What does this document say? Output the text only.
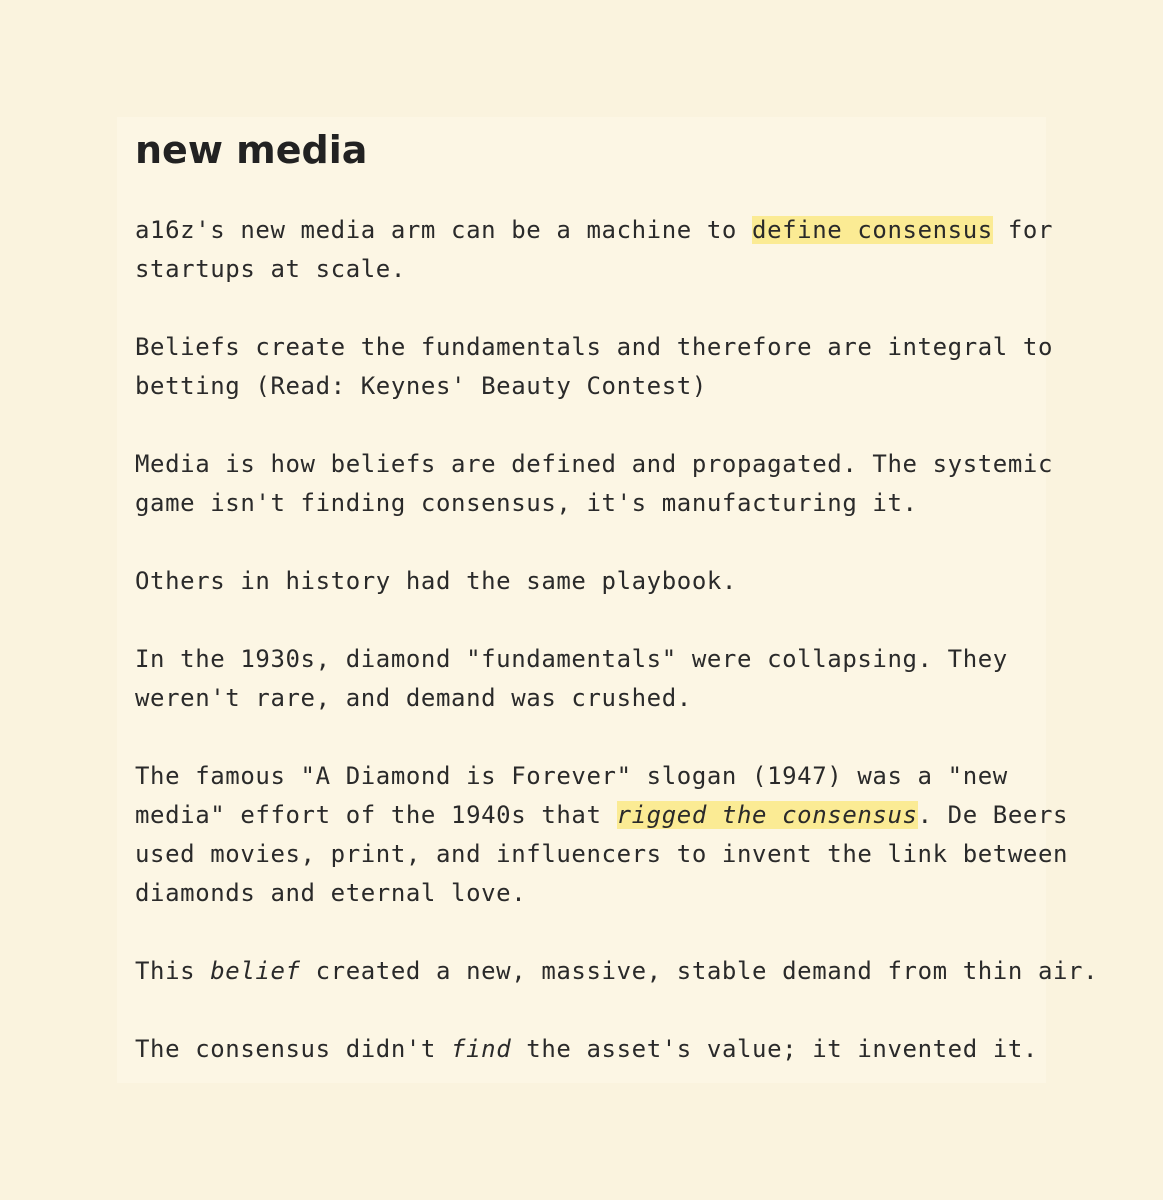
new media
a16z's new media arm can be a machine to define consensus for
startups at scale.
Beliefs create the fundamentals and therefore are integral to
betting (Read: Keynes' Beauty Contest)
Media is how beliefs are defined and propagated. The systemic
game isn't finding consensus, it's manufacturing it.
Others in history had the same playbook.
In the 1930s, diamond "fundamentals" were collapsing. They
weren't rare, and demand was crushed.
The famous "A Diamond is Forever" slogan (1947) was a "new
media" effort of the 1940s that rigged the consensus. De Beers
used movies, print, and influencers to invent the link between
diamonds and eternal love.
This belief created a new, massive, stable demand from thin air.
The consensus didn't find the asset's value; it invented it.
